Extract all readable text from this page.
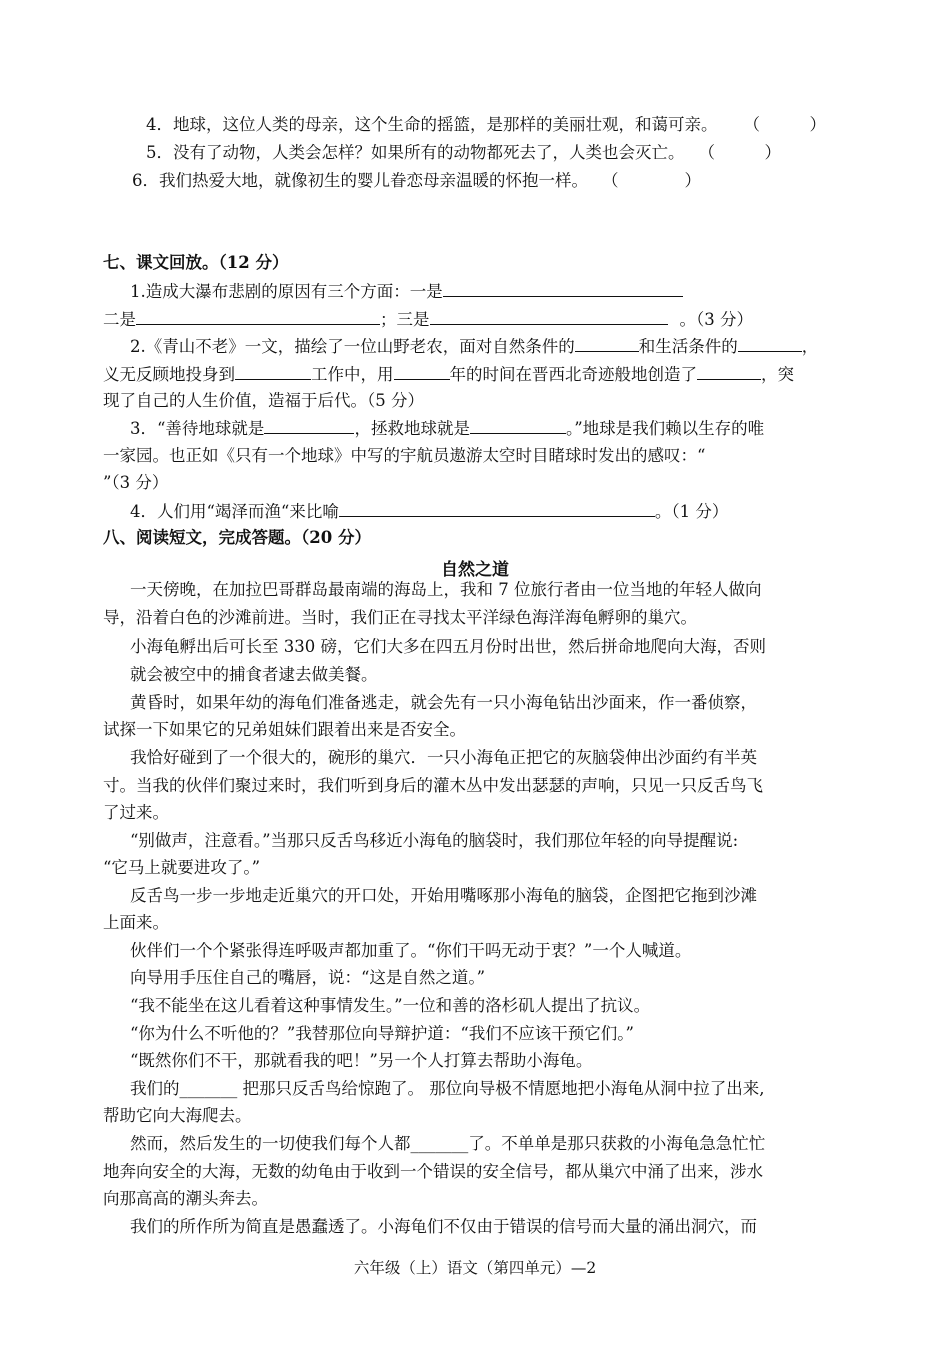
4．地球，这位人类的母亲，这个生命的摇篮，是那样的美丽壮观，和蔼可亲。 （　　　）
5．没有了动物，人类会怎样？如果所有的动物都死去了，人类也会灭亡。 （　　　）
6．我们热爱大地，就像初生的婴儿眷恋母亲温暖的怀抱一样。 （　　　　）
七、课文回放。（12 分）
1.造成大瀑布悲剧的原因有三个方面：一是
二是	；三是	。（3 分）
2.《青山不老》一文，描绘了一位山野老农，面对自然条件的	和生活条件的	，
义无反顾地投身到	工作中，用	年的时间在晋西北奇迹般地创造了	，突
现了自己的人生价值，造福于后代。（5 分）
3．“善待地球就是	，拯救地球就是	。”地球是我们赖以生存的唯
一家园。也正如《只有一个地球》中写的宇航员遨游太空时目睹球时发出的感叹：“
”（3 分）
4．人们用“竭泽而渔“来比喻	。（1 分）
八、阅读短文，完成答题。（20 分）
自然之道
一天傍晚，在加拉巴哥群岛最南端的海岛上，我和 7 位旅行者由一位当地的年轻人做向
导，沿着白色的沙滩前进。当时，我们正在寻找太平洋绿色海洋海龟孵卵的巢穴。
小海龟孵出后可长至 330 磅，它们大多在四五月份时出世，然后拼命地爬向大海，否则
就会被空中的捕食者逮去做美餐。
黄昏时，如果年幼的海龟们准备逃走，就会先有一只小海龟钻出沙面来，作一番侦察，
试探一下如果它的兄弟姐妹们跟着出来是否安全。
我恰好碰到了一个很大的，碗形的巢穴．一只小海龟正把它的灰脑袋伸出沙面约有半英
寸。当我的伙伴们聚过来时，我们听到身后的灌木丛中发出瑟瑟的声响，只见一只反舌鸟飞
了过来。
“别做声，注意看。”当那只反舌鸟移近小海龟的脑袋时，我们那位年轻的向导提醒说:
“它马上就要进攻了。”
反舌鸟一步一步地走近巢穴的开口处，开始用嘴啄那小海龟的脑袋，企图把它拖到沙滩
上面来。
伙伴们一个个紧张得连呼吸声都加重了。“你们干吗无动于衷？”一个人喊道。
向导用手压住自己的嘴唇，说：“这是自然之道。”
“我不能坐在这儿看着这种事情发生。”一位和善的洛杉矶人提出了抗议。
“你为什么不听他的？”我替那位向导辩护道：“我们不应该干预它们。”
“既然你们不干，那就看我的吧！”另一个人打算去帮助小海龟。
我们的_______ 把那只反舌鸟给惊跑了。 那位向导极不情愿地把小海龟从洞中拉了出来,
帮助它向大海爬去。
然而，然后发生的一切使我们每个人都_______了。不单单是那只获救的小海龟急急忙忙
地奔向安全的大海，无数的幼龟由于收到一个错误的安全信号，都从巢穴中涌了出来，涉水
向那高高的潮头奔去。
我们的所作所为简直是愚蠢透了。小海龟们不仅由于错误的信号而大量的涌出洞穴，而
六年级（上）语文（第四单元）—2
